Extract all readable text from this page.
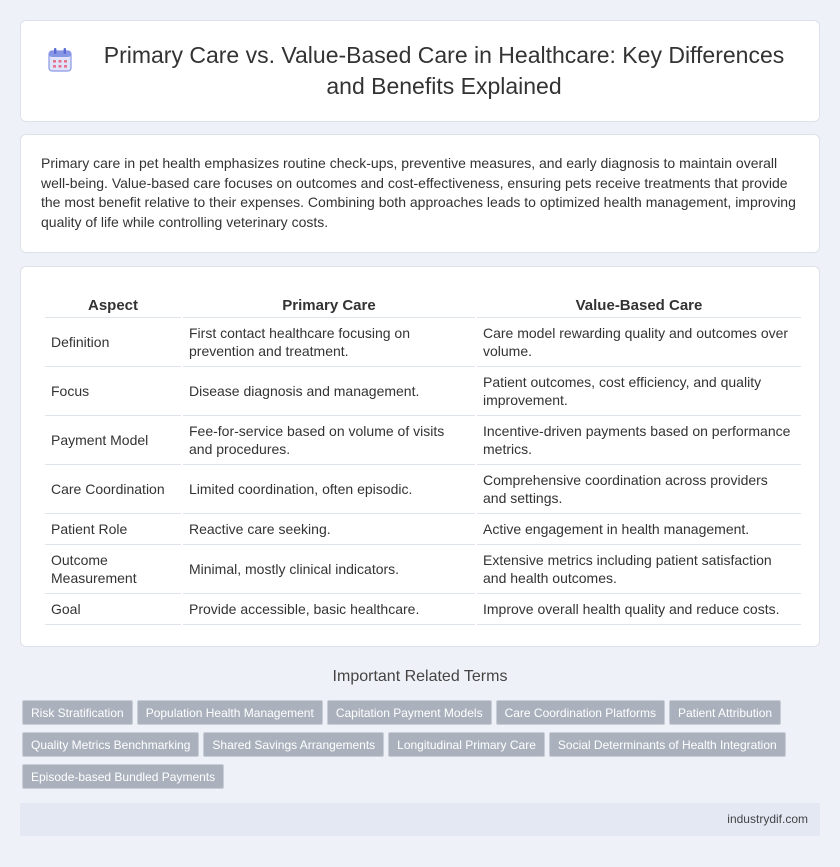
Primary Care vs. Value-Based Care in Healthcare: Key Differences and Benefits Explained

Primary care in pet health emphasizes routine check-ups, preventive measures, and early diagnosis to maintain overall well-being. Value-based care focuses on outcomes and cost-effectiveness, ensuring pets receive treatments that provide the most benefit relative to their expenses. Combining both approaches leads to optimized health management, improving quality of life while controlling veterinary costs.

Aspect	Primary Care	Value-Based Care
Definition	First contact healthcare focusing on prevention and treatment.	Care model rewarding quality and outcomes over volume.
Focus	Disease diagnosis and management.	Patient outcomes, cost efficiency, and quality improvement.
Payment Model	Fee-for-service based on volume of visits and procedures.	Incentive-driven payments based on performance metrics.
Care Coordination	Limited coordination, often episodic.	Comprehensive coordination across providers and settings.
Patient Role	Reactive care seeking.	Active engagement in health management.
Outcome Measurement	Minimal, mostly clinical indicators.	Extensive metrics including patient satisfaction and health outcomes.
Goal	Provide accessible, basic healthcare.	Improve overall health quality and reduce costs.
Important Related Terms
Risk Stratification Population Health Management Capitation Payment Models Care Coordination Platforms Patient Attribution
Quality Metrics Benchmarking Shared Savings Arrangements Longitudinal Primary Care Social Determinants of Health Integration
Episode-based Bundled Payments
industrydif.com
